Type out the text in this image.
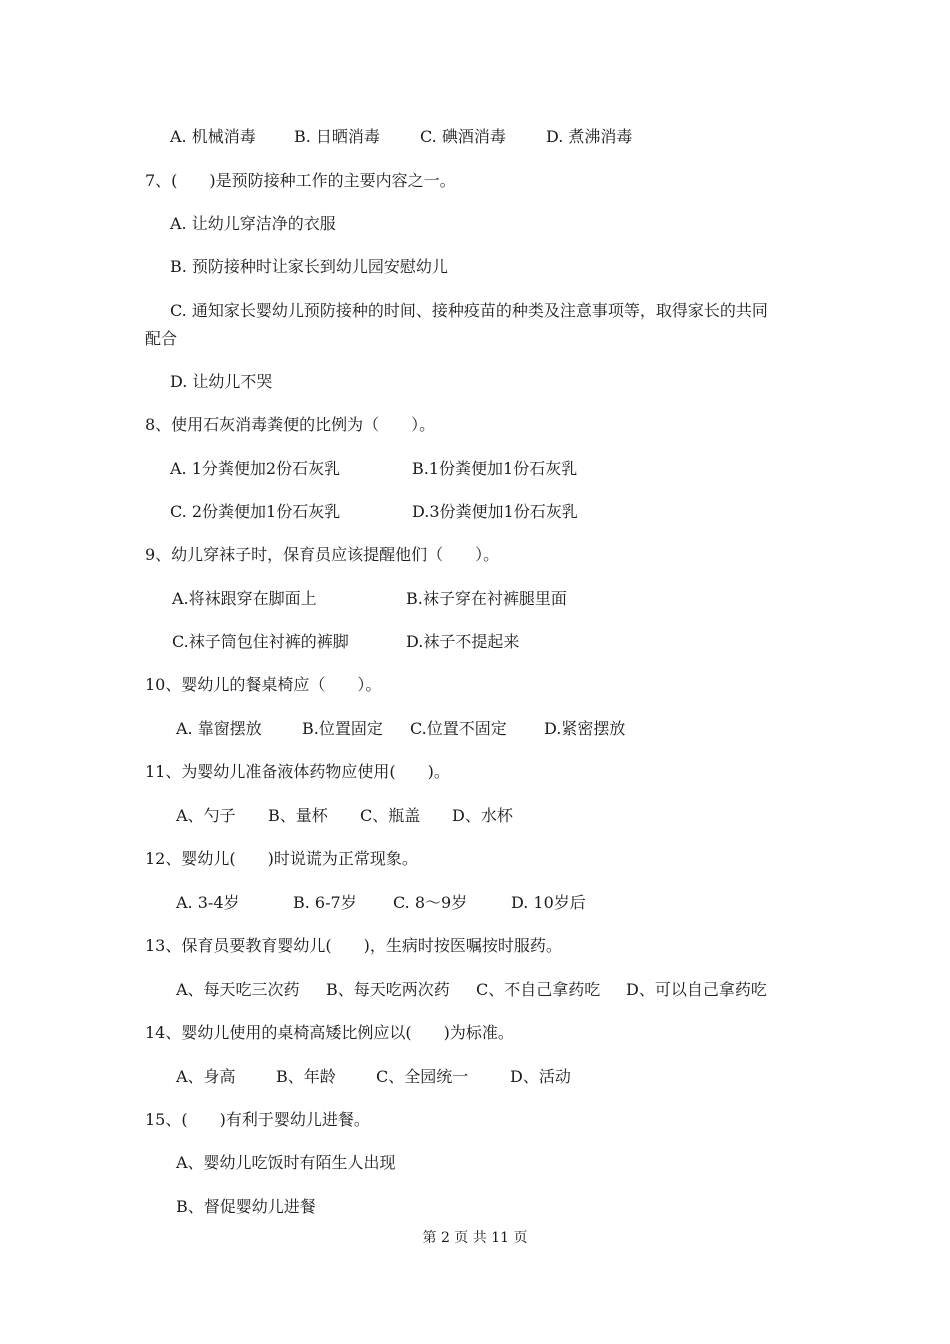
A. 机械消毒	B. 日晒消毒	C. 碘酒消毒	D. 煮沸消毒
7、(　　)是预防接种工作的主要内容之一。
A. 让幼儿穿洁净的衣服
B. 预防接种时让家长到幼儿园安慰幼儿
C. 通知家长婴幼儿预防接种的时间、接种疫苗的种类及注意事项等，取得家长的共同
配合
D. 让幼儿不哭
8、使用石灰消毒粪便的比例为（　　）。
A. 1分粪便加2份石灰乳	B.1份粪便加1份石灰乳
C. 2份粪便加1份石灰乳	D.3份粪便加1份石灰乳
9、幼儿穿袜子时，保育员应该提醒他们（　　）。
A.将袜跟穿在脚面上	B.袜子穿在衬裤腿里面
C.袜子筒包住衬裤的裤脚	D.袜子不提起来
10、婴幼儿的餐桌椅应（　　）。
A. 靠窗摆放	B.位置固定	C.位置不固定	D.紧密摆放
11、为婴幼儿准备液体药物应使用(　　)。
A、勺子	B、量杯	C、瓶盖	D、水杯
12、婴幼儿(　　)时说谎为正常现象。
A. 3-4岁	B. 6-7岁	C. 8～9岁	D. 10岁后
13、保育员要教育婴幼儿(　　)，生病时按医嘱按时服药。
A、每天吃三次药	B、每天吃两次药	C、不自己拿药吃	D、可以自己拿药吃
14、婴幼儿使用的桌椅高矮比例应以(　　)为标准。
A、身高	B、年龄	C、全园统一	D、活动
15、(　　)有利于婴幼儿进餐。
A、婴幼儿吃饭时有陌生人出现
B、督促婴幼儿进餐
第 2 页 共 11 页
